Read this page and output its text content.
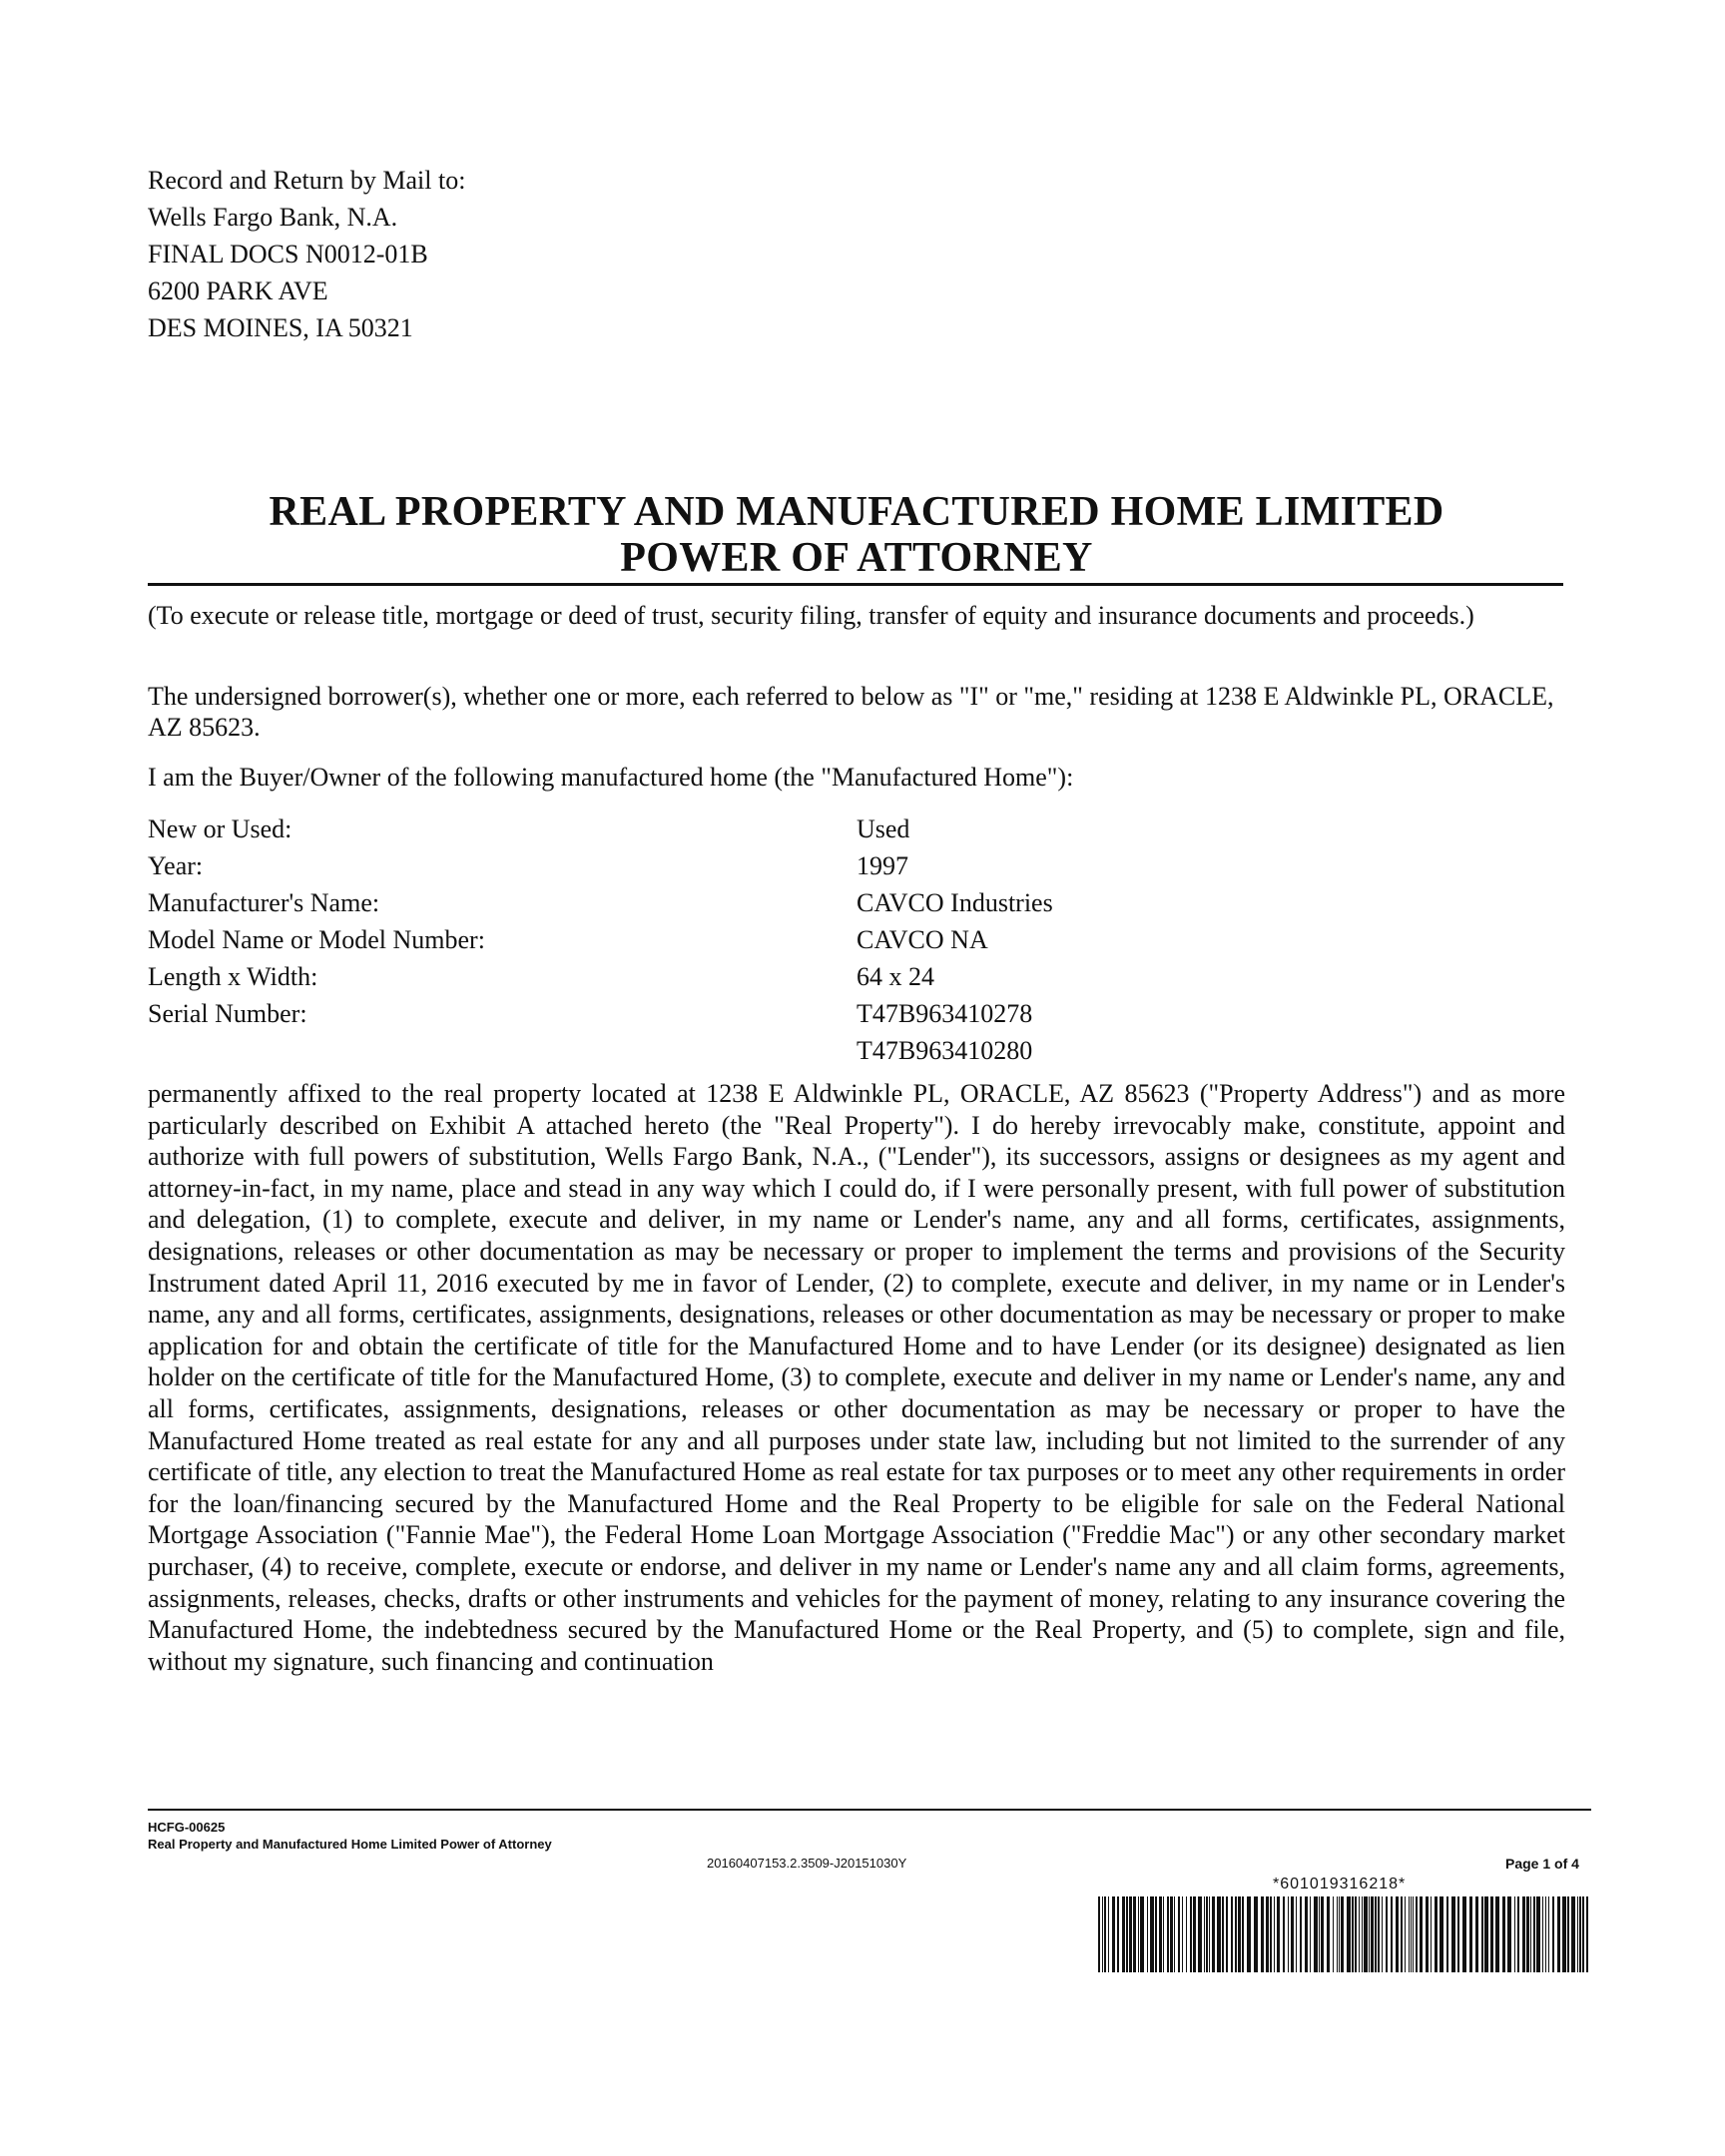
Record and Return by Mail to:
Wells Fargo Bank, N.A.
FINAL DOCS N0012-01B
6200 PARK AVE
DES MOINES, IA 50321
REAL PROPERTY AND MANUFACTURED HOME LIMITED
POWER OF ATTORNEY
(To execute or release title, mortgage or deed of trust, security filing, transfer of equity and insurance documents and proceeds.)
The undersigned borrower(s), whether one or more, each referred to below as "I" or "me," residing at 1238 E Aldwinkle PL, ORACLE, AZ 85623.
I am the Buyer/Owner of the following manufactured home (the "Manufactured Home"):
New or Used:	Used
Year:	1997
Manufacturer's Name:	CAVCO Industries
Model Name or Model Number:	CAVCO NA
Length x Width:	64 x 24
Serial Number:	T47B963410278
T47B963410280
permanently affixed to the real property located at 1238 E Aldwinkle PL, ORACLE, AZ 85623 ("Property Address") and as more particularly described on Exhibit A attached hereto (the "Real Property"). I do hereby irrevocably make, constitute, appoint and authorize with full powers of substitution, Wells Fargo Bank, N.A., ("Lender"), its successors, assigns or designees as my agent and attorney-in-fact, in my name, place and stead in any way which I could do, if I were personally present, with full power of substitution and delegation, (1) to complete, execute and deliver, in my name or Lender's name, any and all forms, certificates, assignments, designations, releases or other documentation as may be necessary or proper to implement the terms and provisions of the Security Instrument dated April 11, 2016 executed by me in favor of Lender, (2) to complete, execute and deliver, in my name or in Lender's name, any and all forms, certificates, assignments, designations, releases or other documentation as may be necessary or proper to make application for and obtain the certificate of title for the Manufactured Home and to have Lender (or its designee) designated as lien holder on the certificate of title for the Manufactured Home, (3) to complete, execute and deliver in my name or Lender's name, any and all forms, certificates, assignments, designations, releases or other documentation as may be necessary or proper to have the Manufactured Home treated as real estate for any and all purposes under state law, including but not limited to the surrender of any certificate of title, any election to treat the Manufactured Home as real estate for tax purposes or to meet any other requirements in order for the loan/financing secured by the Manufactured Home and the Real Property to be eligible for sale on the Federal National Mortgage Association ("Fannie Mae"), the Federal Home Loan Mortgage Association ("Freddie Mac") or any other secondary market purchaser, (4) to receive, complete, execute or endorse, and deliver in my name or Lender's name any and all claim forms, agreements, assignments, releases, checks, drafts or other instruments and vehicles for the payment of money, relating to any insurance covering the Manufactured Home, the indebtedness secured by the Manufactured Home or the Real Property, and (5) to complete, sign and file, without my signature, such financing and continuation
HCFG-00625
Real Property and Manufactured Home Limited Power of Attorney
20160407153.2.3509-J20151030Y	Page 1 of 4
*601019316218*
